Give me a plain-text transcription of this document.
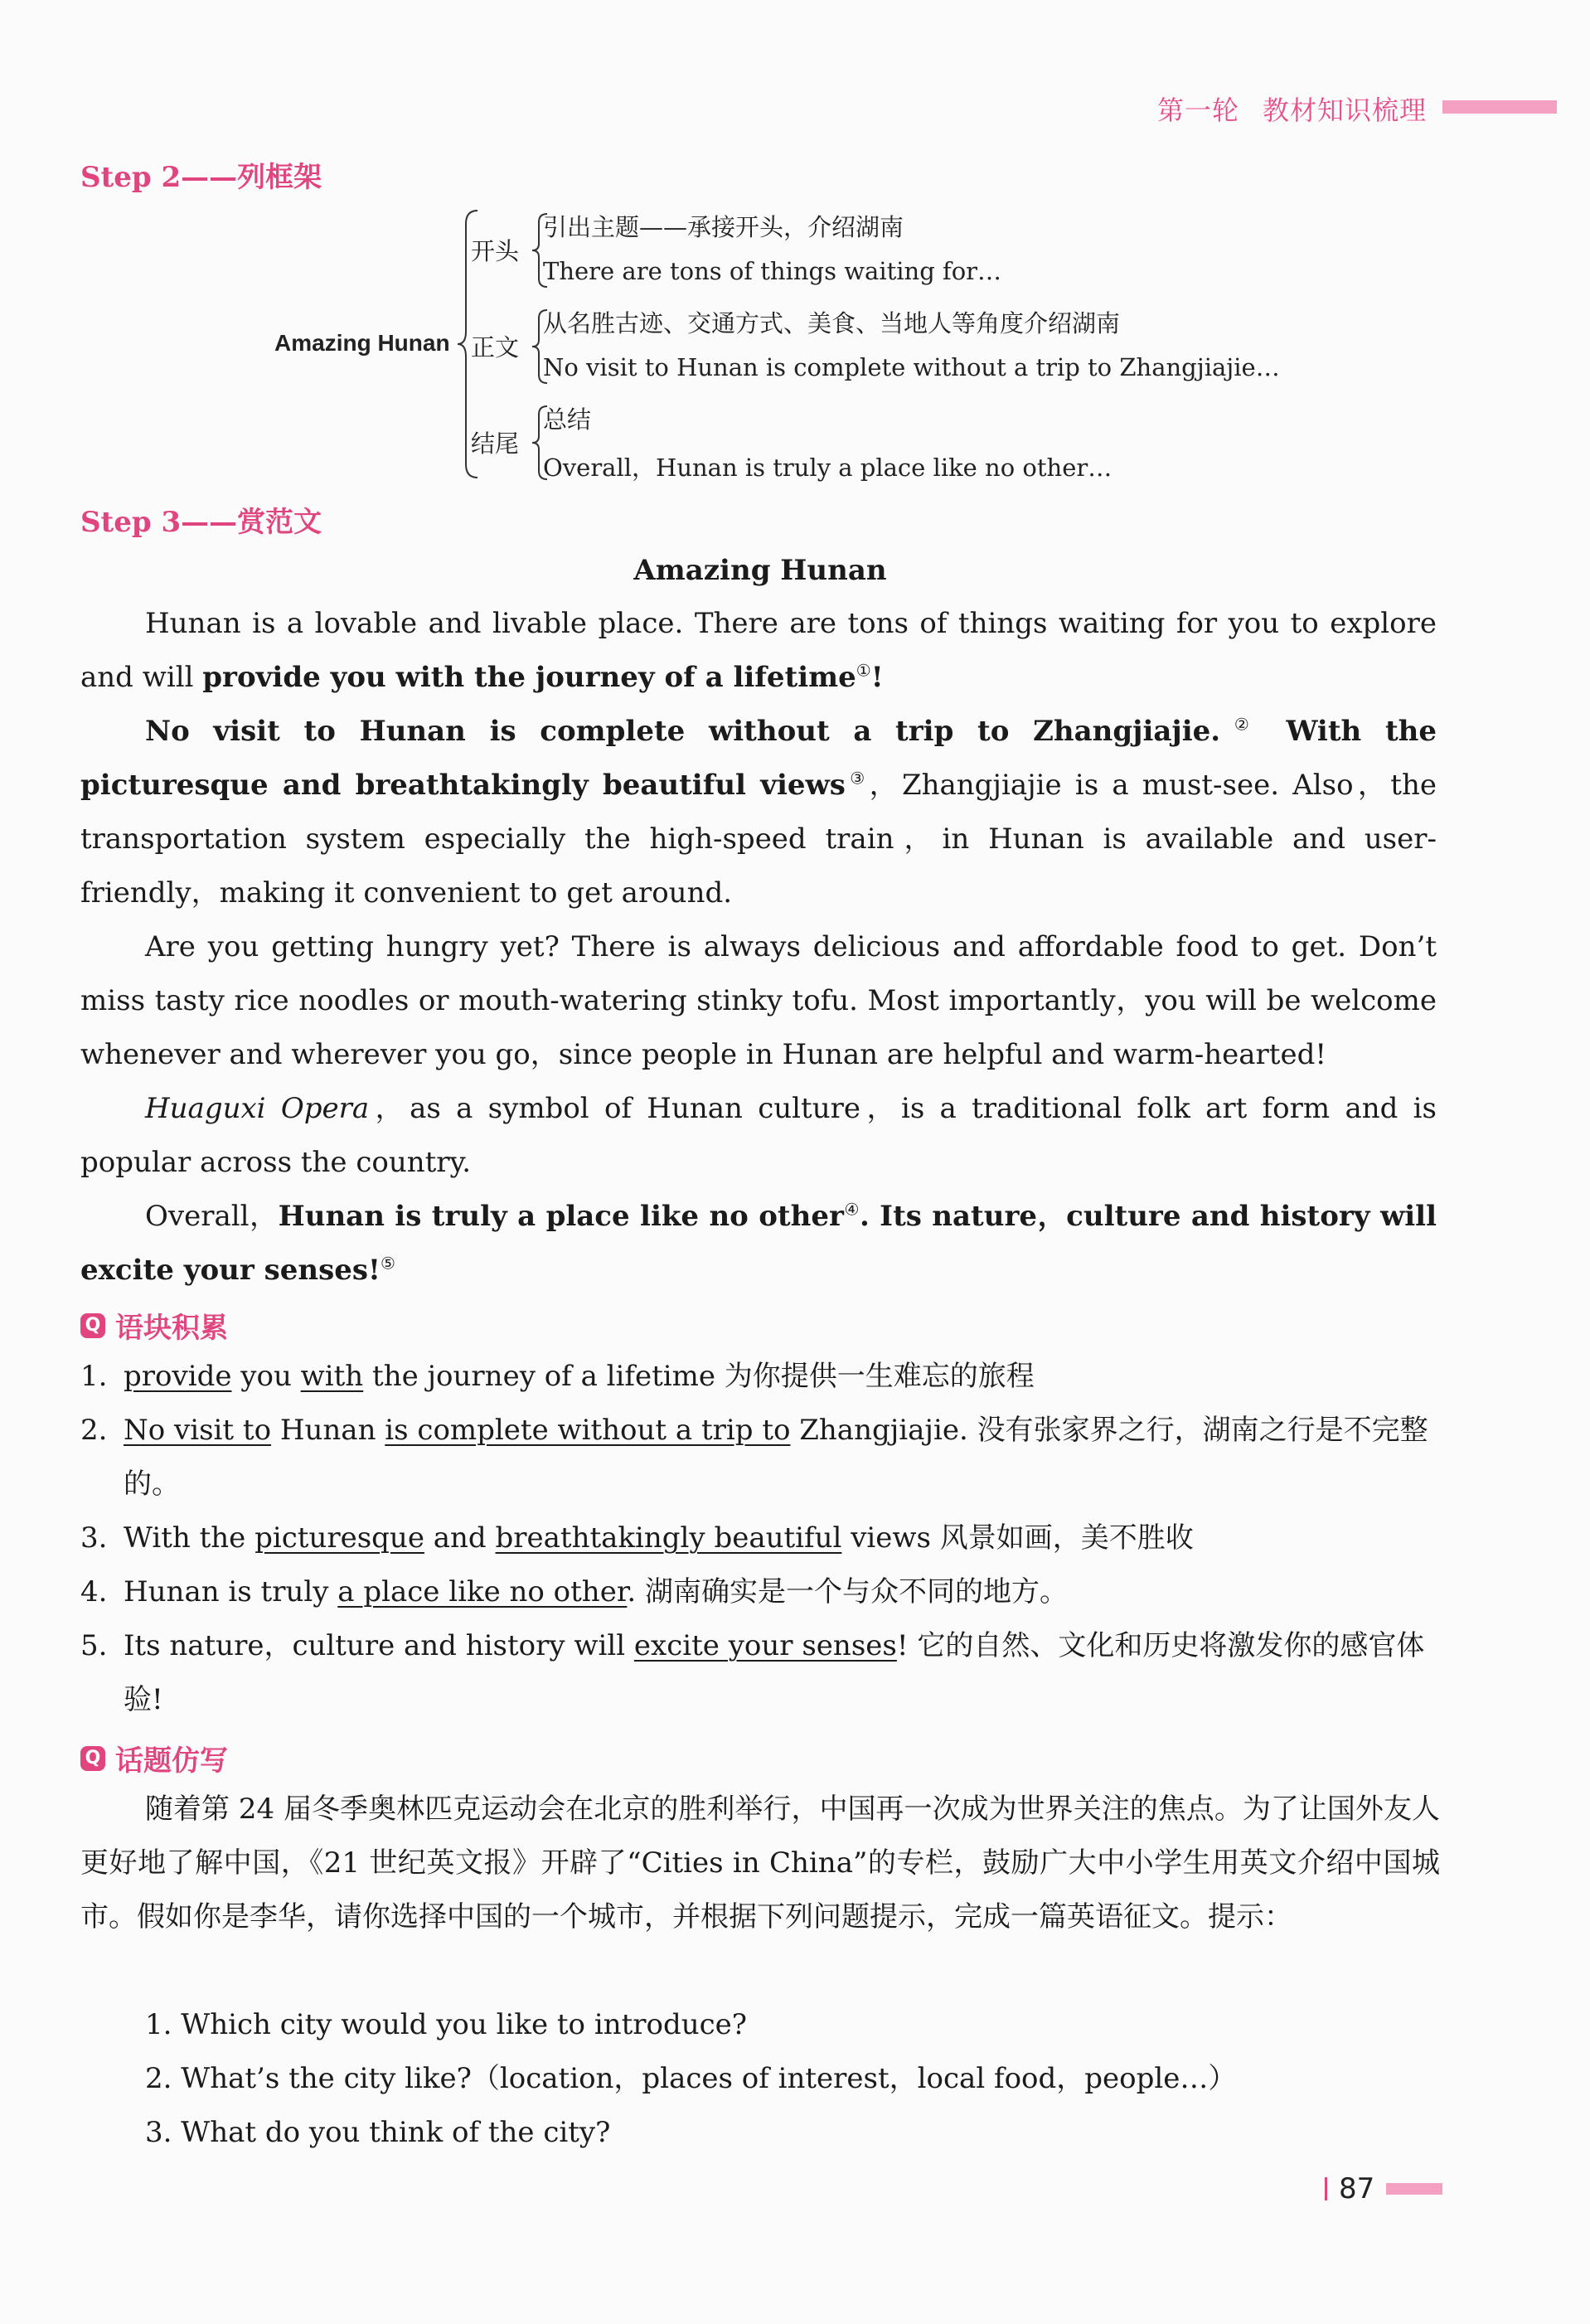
第一轮 教材知识梳理
Step 2——列框架
Amazing Hunan
开头
引出主题——承接开头，介绍湖南
There are tons of things waiting for…
正文
从名胜古迹、交通方式、美食、当地人等角度介绍湖南
No visit to Hunan is complete without a trip to Zhangjiajie…
结尾
总结
Overall，Hunan is truly a place like no other…
Step 3——赏范文
Amazing Hunan

Hunan is a lovable and livable place. There are tons of things waiting for you to explore and will provide you with the journey of a lifetime①!

No visit to Hunan is complete without a trip to Zhangjiajie.② With the picturesque and breathtakingly beautiful views③，Zhangjiajie is a must-see. Also，the transportation system especially the high-speed train，in Hunan is available and user-friendly，making it convenient to get around.

Are you getting hungry yet? There is always delicious and affordable food to get. Don’t miss tasty rice noodles or mouth-watering stinky tofu. Most importantly，you will be welcome whenever and wherever you go，since people in Hunan are helpful and warm-hearted!

Huaguxi Opera，as a symbol of Hunan culture，is a traditional folk art form and is popular across the country.

Overall，Hunan is truly a place like no other④. Its nature，culture and history will excite your senses!⑤

Q 语块积累
1. provide you with the journey of a lifetime 为你提供一生难忘的旅程
2. No visit to Hunan is complete without a trip to Zhangjiajie. 没有张家界之行，湖南之行是不完整的。
3. With the picturesque and breathtakingly beautiful views 风景如画，美不胜收
4. Hunan is truly a place like no other. 湖南确实是一个与众不同的地方。
5. Its nature，culture and history will excite your senses! 它的自然、文化和历史将激发你的感官体验!
Q 话题仿写

随着第 24 届冬季奥林匹克运动会在北京的胜利举行，中国再一次成为世界关注的焦点。为了让国外友人更好地了解中国，《21 世纪英文报》开辟了“Cities in China”的专栏，鼓励广大中小学生用英文介绍中国城市。假如你是李华，请你选择中国的一个城市，并根据下列问题提示，完成一篇英语征文。提示：

1. Which city would you like to introduce?
2. What’s the city like?（location，places of interest，local food，people…）
3. What do you think of the city?
87
